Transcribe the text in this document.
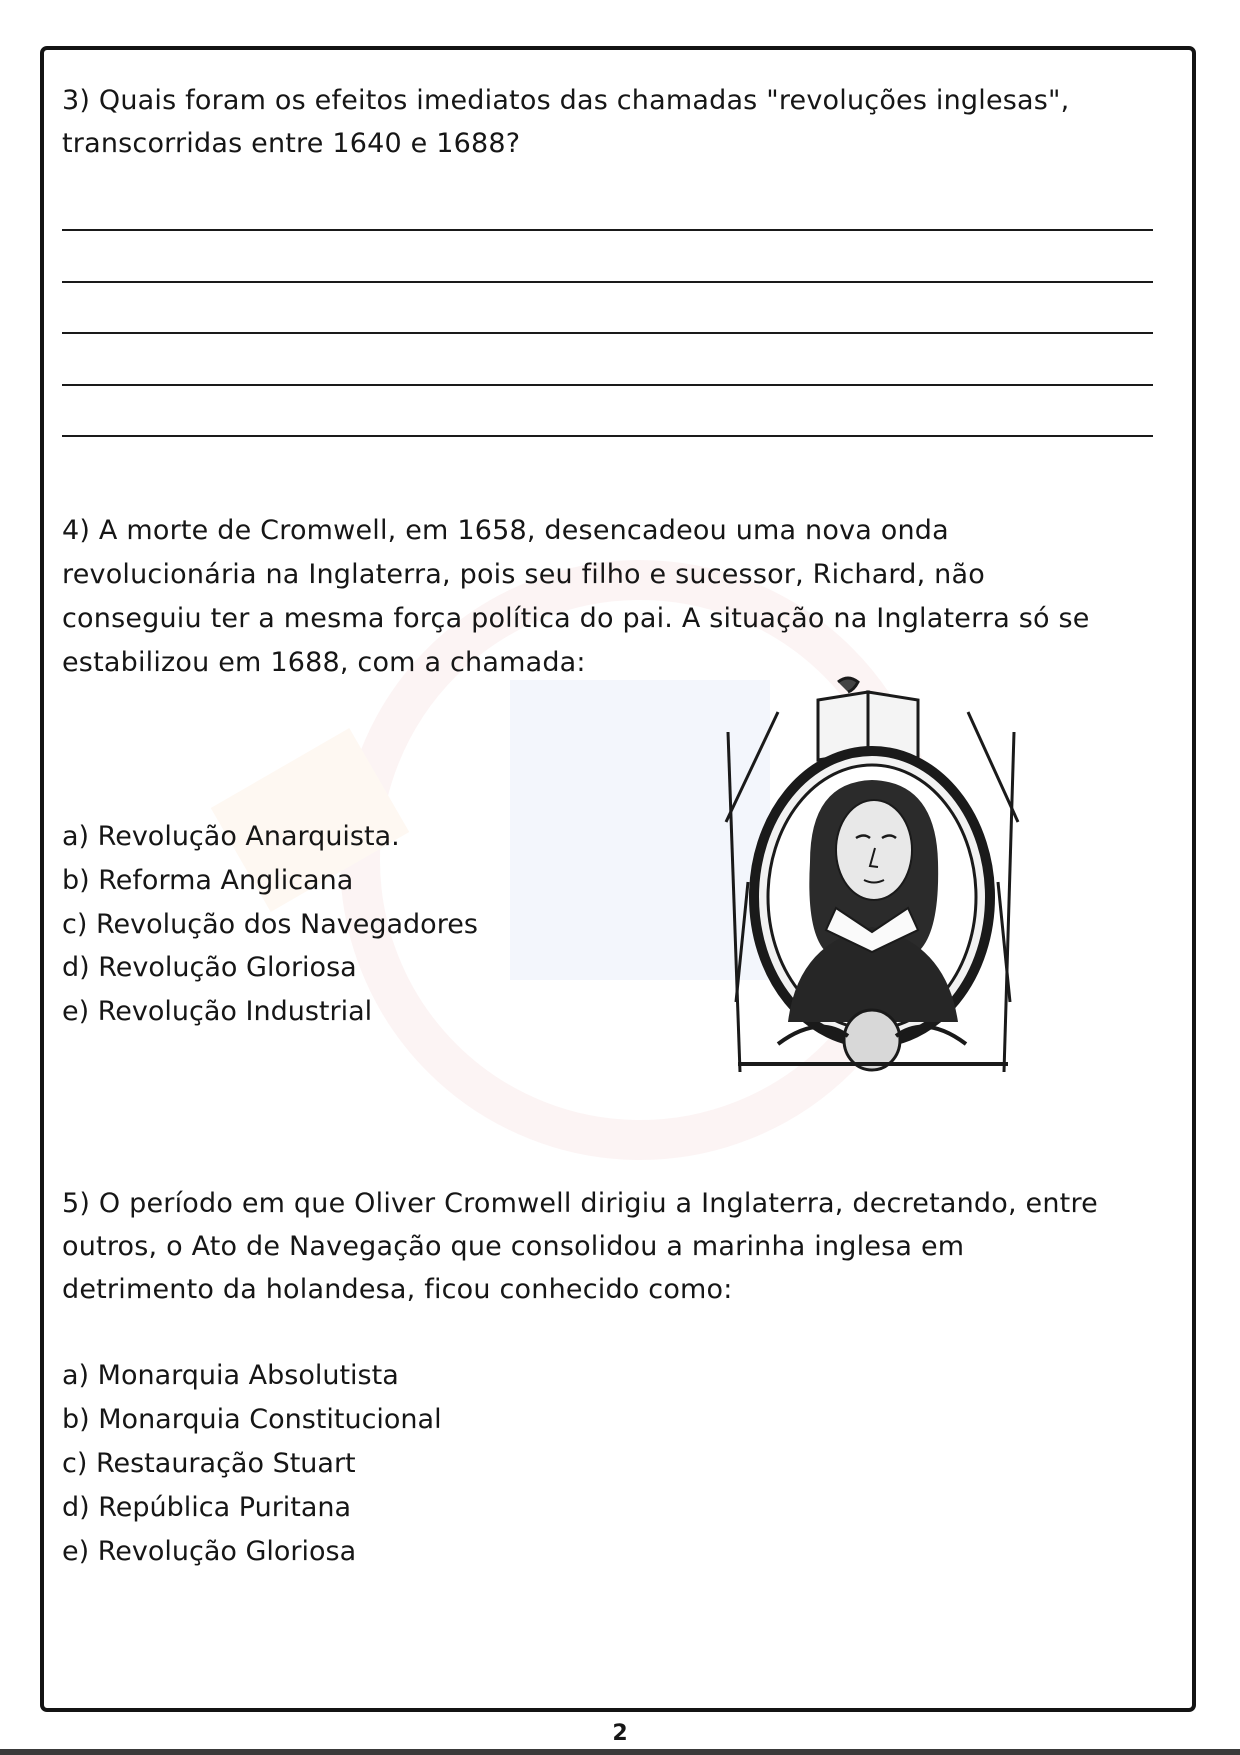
3) Quais foram os efeitos imediatos das chamadas "revoluções inglesas",

transcorridas entre 1640 e 1688?

4) A morte de Cromwell, em 1658, desencadeou uma nova onda

revolucionária na Inglaterra, pois seu filho e sucessor, Richard, não

conseguiu ter a mesma força política do pai. A situação na Inglaterra só se

estabilizou em 1688, com a chamada:

a) Revolução Anarquista.
b) Reforma Anglicana
c) Revolução dos Navegadores
d) Revolução Gloriosa
e) Revolução Industrial

5) O período em que Oliver Cromwell dirigiu a Inglaterra, decretando, entre

outros, o Ato de Navegação que consolidou a marinha inglesa em

detrimento da holandesa, ficou conhecido como:

a) Monarquia Absolutista
b) Monarquia Constitucional
c) Restauração Stuart
d) República Puritana
e) Revolução Gloriosa
2
